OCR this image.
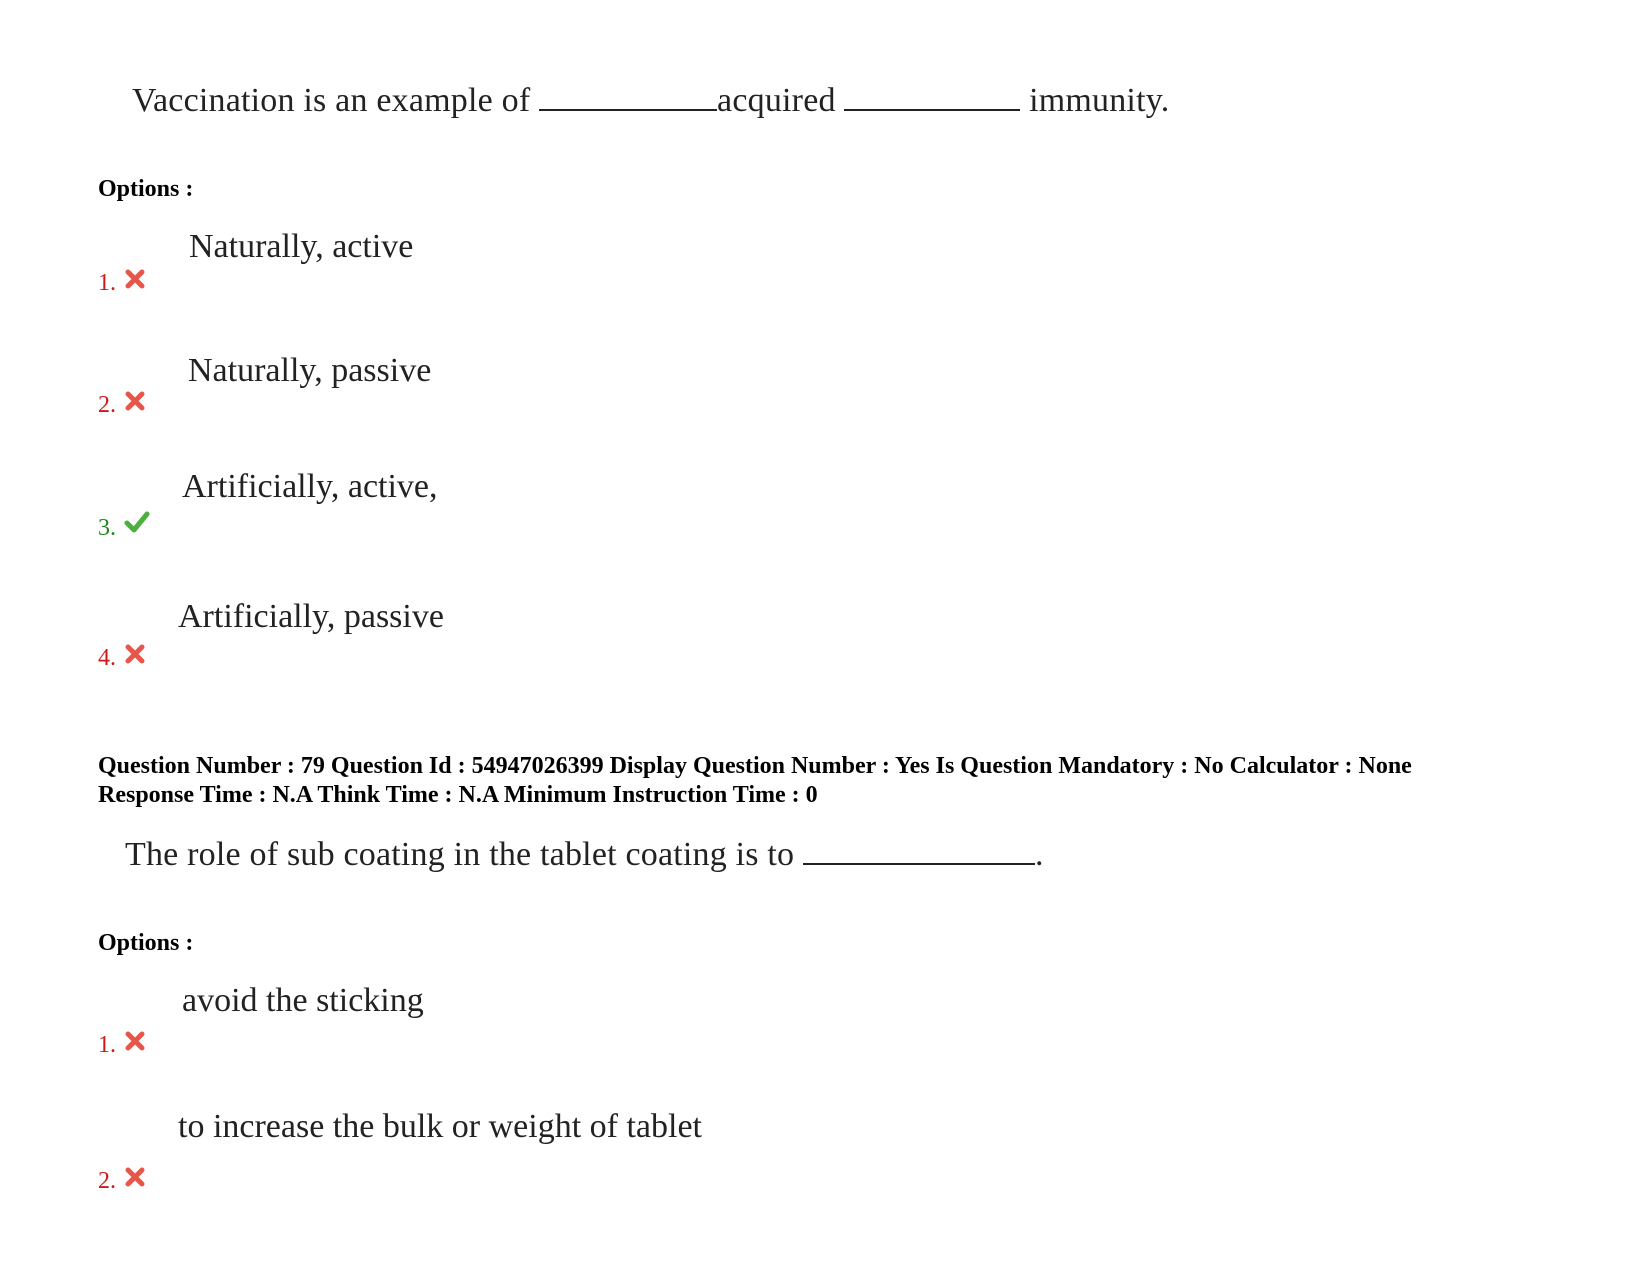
Vaccination is an example of	acquired	immunity.
Options :
Naturally, active
1.
Naturally, passive
2.
Artificially, active,
3.
Artificially, passive
4.
Question Number : 79 Question Id : 54947026399 Display Question Number : Yes Is Question Mandatory : No Calculator : None
Response Time : N.A Think Time : N.A Minimum Instruction Time : 0
The role of sub coating in the tablet coating is to	.
Options :
avoid the sticking
1.
to increase the bulk or weight of tablet
2.
